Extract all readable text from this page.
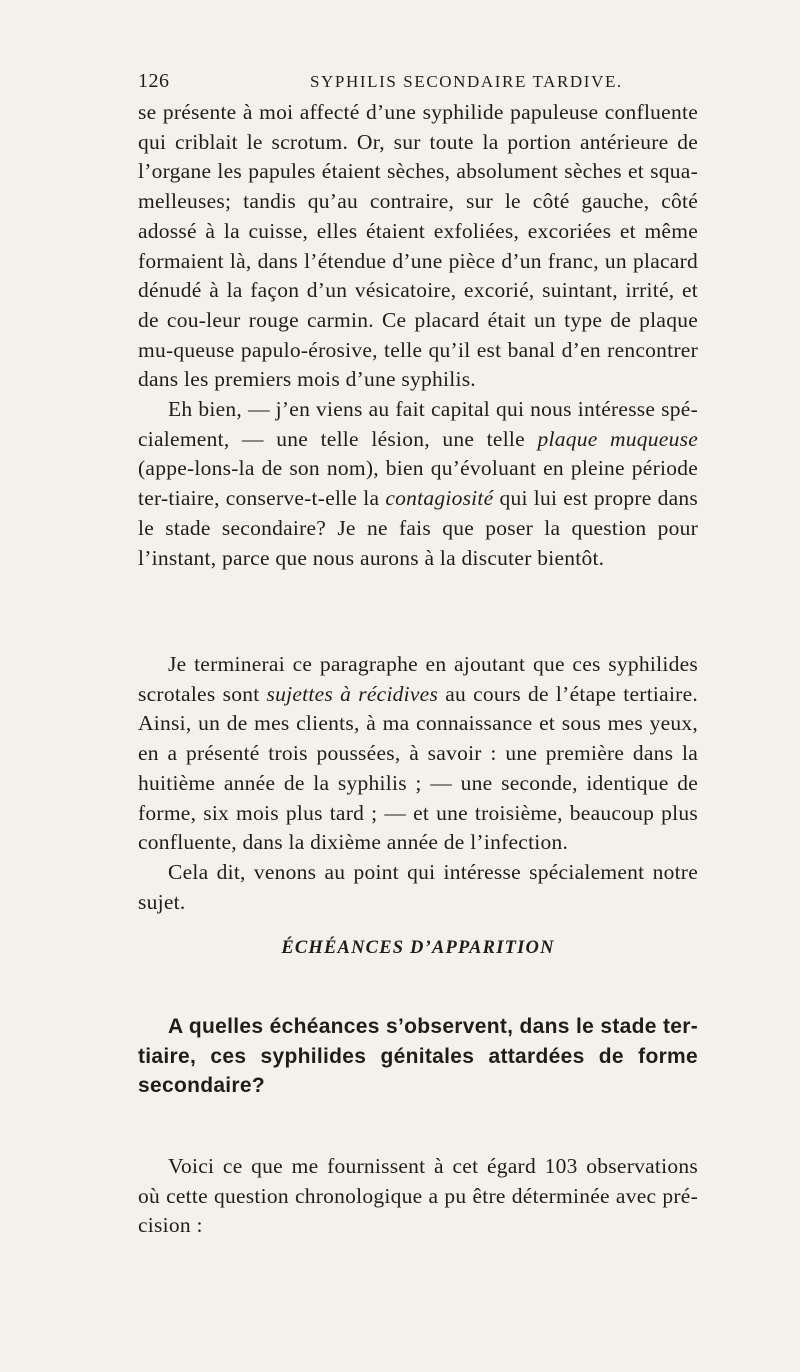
126	SYPHILIS SECONDAIRE TARDIVE.

se présente à moi affecté d’une syphilide papuleuse confluente qui criblait le scrotum. Or, sur toute la portion antérieure de l’organe les papules étaient sèches, absolument sèches et squa-melleuses; tandis qu’au contraire, sur le côté gauche, côté adossé à la cuisse, elles étaient exfoliées, excoriées et même formaient là, dans l’étendue d’une pièce d’un franc, un placard dénudé à la façon d’un vésicatoire, excorié, suintant, irrité, et de cou-leur rouge carmin. Ce placard était un type de plaque mu-queuse papulo-érosive, telle qu’il est banal d’en rencontrer dans les premiers mois d’une syphilis.

Eh bien, — j’en viens au fait capital qui nous intéresse spé-cialement, — une telle lésion, une telle plaque muqueuse (appe-lons-la de son nom), bien qu’évoluant en pleine période ter-tiaire, conserve-t-elle la contagiosité qui lui est propre dans le stade secondaire? Je ne fais que poser la question pour l’instant, parce que nous aurons à la discuter bientôt.

Je terminerai ce paragraphe en ajoutant que ces syphilides scrotales sont sujettes à récidives au cours de l’étape tertiaire. Ainsi, un de mes clients, à ma connaissance et sous mes yeux, en a présenté trois poussées, à savoir : une première dans la huitième année de la syphilis ; — une seconde, identique de forme, six mois plus tard ; — et une troisième, beaucoup plus confluente, dans la dixième année de l’infection.

Cela dit, venons au point qui intéresse spécialement notre sujet.

ÉCHÉANCES D’APPARITION

A quelles échéances s’observent, dans le stade ter-tiaire, ces syphilides génitales attardées de forme secondaire?

Voici ce que me fournissent à cet égard 103 observations où cette question chronologique a pu être déterminée avec pré-cision :
